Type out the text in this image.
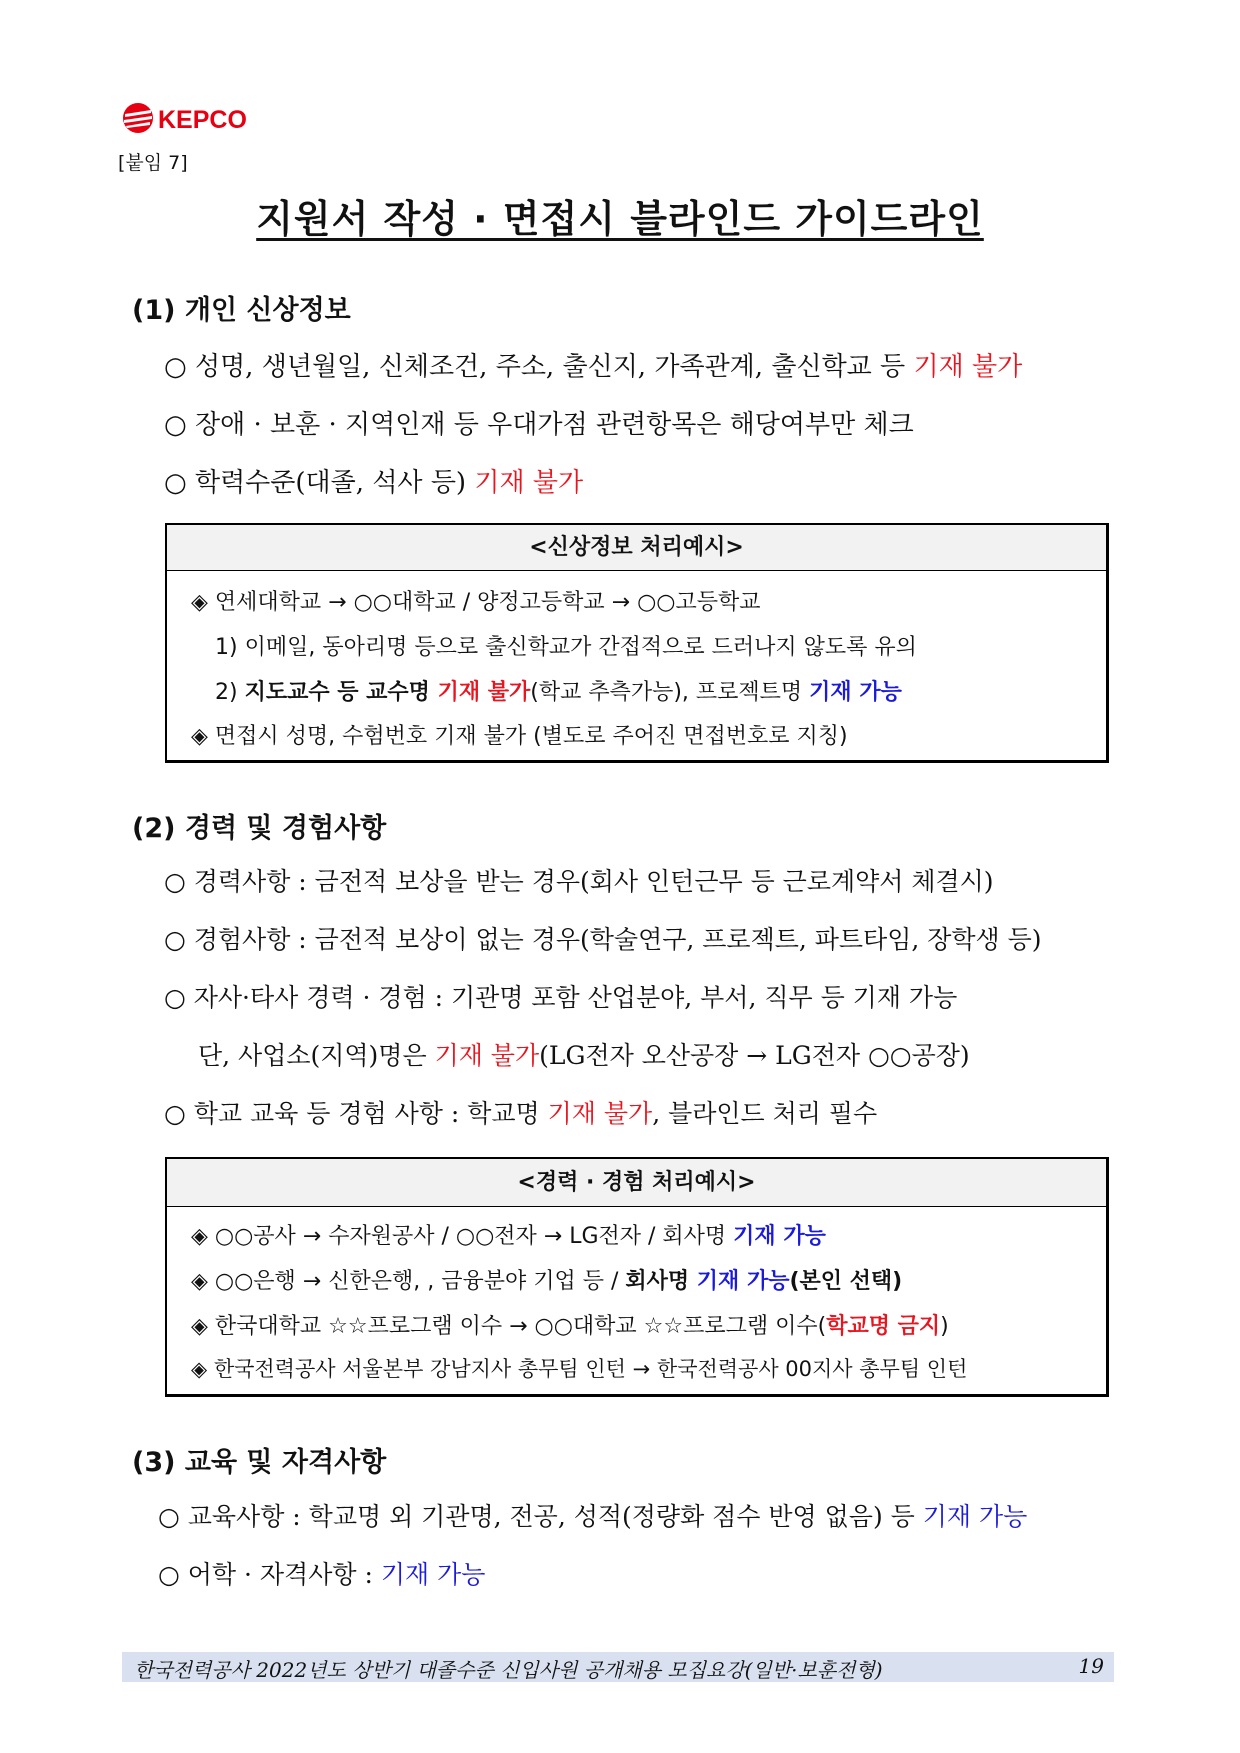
KEPCO
[붙임 7]
지원서 작성 · 면접시 블라인드 가이드라인
(1) 개인 신상정보
○ 성명, 생년월일, 신체조건, 주소, 출신지, 가족관계, 출신학교 등 기재 불가
○ 장애 · 보훈 · 지역인재 등 우대가점 관련항목은 해당여부만 체크
○ 학력수준(대졸, 석사 등) 기재 불가
<신상정보 처리예시>
◈ 연세대학교 → ○○대학교 / 양정고등학교 → ○○고등학교
1) 이메일, 동아리명 등으로 출신학교가 간접적으로 드러나지 않도록 유의
2) 지도교수 등 교수명 기재 불가(학교 추측가능), 프로젝트명 기재 가능
◈ 면접시 성명, 수험번호 기재 불가 (별도로 주어진 면접번호로 지칭)
(2) 경력 및 경험사항
○ 경력사항 : 금전적 보상을 받는 경우(회사 인턴근무 등 근로계약서 체결시)
○ 경험사항 : 금전적 보상이 없는 경우(학술연구, 프로젝트, 파트타임, 장학생 등)
○ 자사·타사 경력 · 경험 : 기관명 포함 산업분야, 부서, 직무 등 기재 가능
단, 사업소(지역)명은 기재 불가(LG전자 오산공장 → LG전자 ○○공장)
○ 학교 교육 등 경험 사항 : 학교명 기재 불가, 블라인드 처리 필수
<경력 · 경험 처리예시>
◈ ○○공사 → 수자원공사 / ○○전자 → LG전자 / 회사명 기재 가능
◈ ○○은행 → 신한은행, , 금융분야 기업 등 / 회사명 기재 가능(본인 선택)
◈ 한국대학교 ☆☆프로그램 이수 → ○○대학교 ☆☆프로그램 이수(학교명 금지)
◈ 한국전력공사 서울본부 강남지사 총무팀 인턴 → 한국전력공사 00지사 총무팀 인턴
(3) 교육 및 자격사항
○ 교육사항 : 학교명 외 기관명, 전공, 성적(정량화 점수 반영 없음) 등 기재 가능
○ 어학 · 자격사항 : 기재 가능
한국전력공사 2022년도 상반기 대졸수준 신입사원 공개채용 모집요강(일반·보훈전형)	19
